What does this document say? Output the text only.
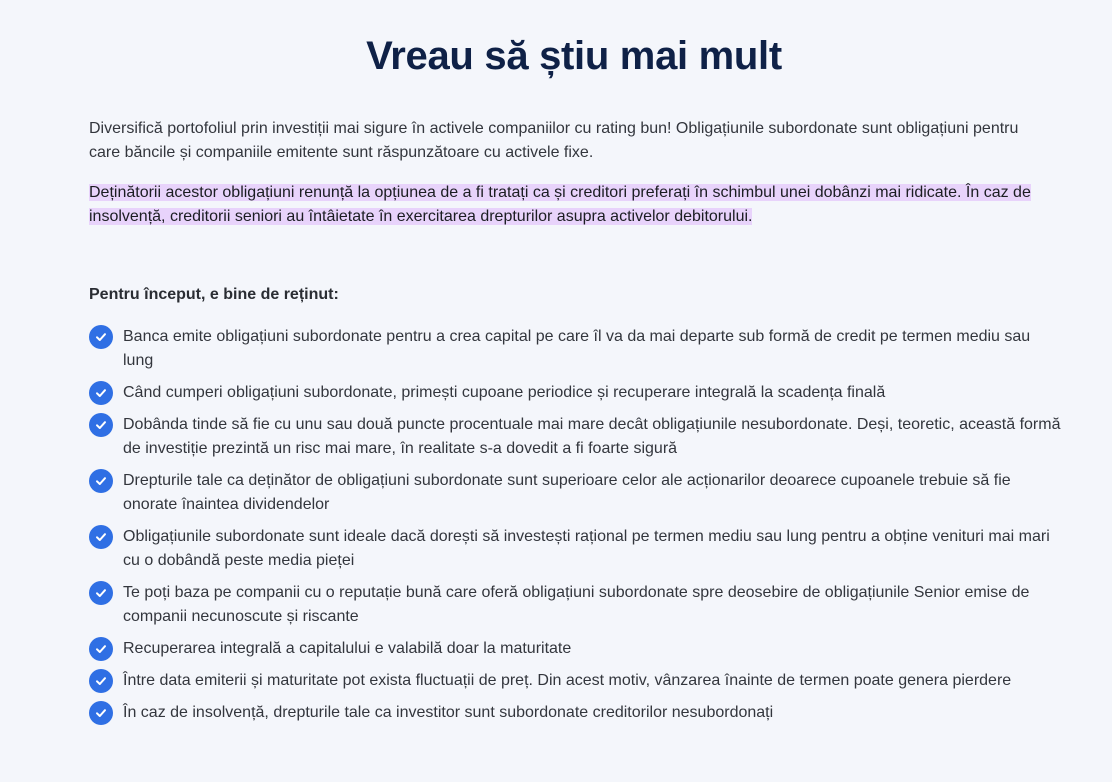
Vreau să știu mai mult

Diversifică portofoliul prin investiții mai sigure în activele companiilor cu rating bun! Obligațiunile subordonate sunt obligațiuni pentru care băncile și companiile emitente sunt răspunzătoare cu activele fixe.

Deținătorii acestor obligațiuni renunță la opțiunea de a fi tratați ca și creditori preferați în schimbul unei dobânzi mai ridicate. În caz de insolvență, creditorii seniori au întâietate în exercitarea drepturilor asupra activelor debitorului.

Pentru început, e bine de reținut:

Banca emite obligațiuni subordonate pentru a crea capital pe care îl va da mai departe sub formă de credit pe termen mediu sau lung
Când cumperi obligațiuni subordonate, primești cupoane periodice și recuperare integrală la scadența finală
Dobânda tinde să fie cu unu sau două puncte procentuale mai mare decât obligațiunile nesubordonate. Deși, teoretic, această formă de investiție prezintă un risc mai mare, în realitate s-a dovedit a fi foarte sigură
Drepturile tale ca deținător de obligațiuni subordonate sunt superioare celor ale acționarilor deoarece cupoanele trebuie să fie onorate înaintea dividendelor
Obligațiunile subordonate sunt ideale dacă dorești să investești rațional pe termen mediu sau lung pentru a obține venituri mai mari cu o dobândă peste media pieței
Te poți baza pe companii cu o reputație bună care oferă obligațiuni subordonate spre deosebire de obligațiunile Senior emise de companii necunoscute și riscante
Recuperarea integrală a capitalului e valabilă doar la maturitate
Între data emiterii și maturitate pot exista fluctuații de preț. Din acest motiv, vânzarea înainte de termen poate genera pierdere
În caz de insolvență, drepturile tale ca investitor sunt subordonate creditorilor nesubordonați
